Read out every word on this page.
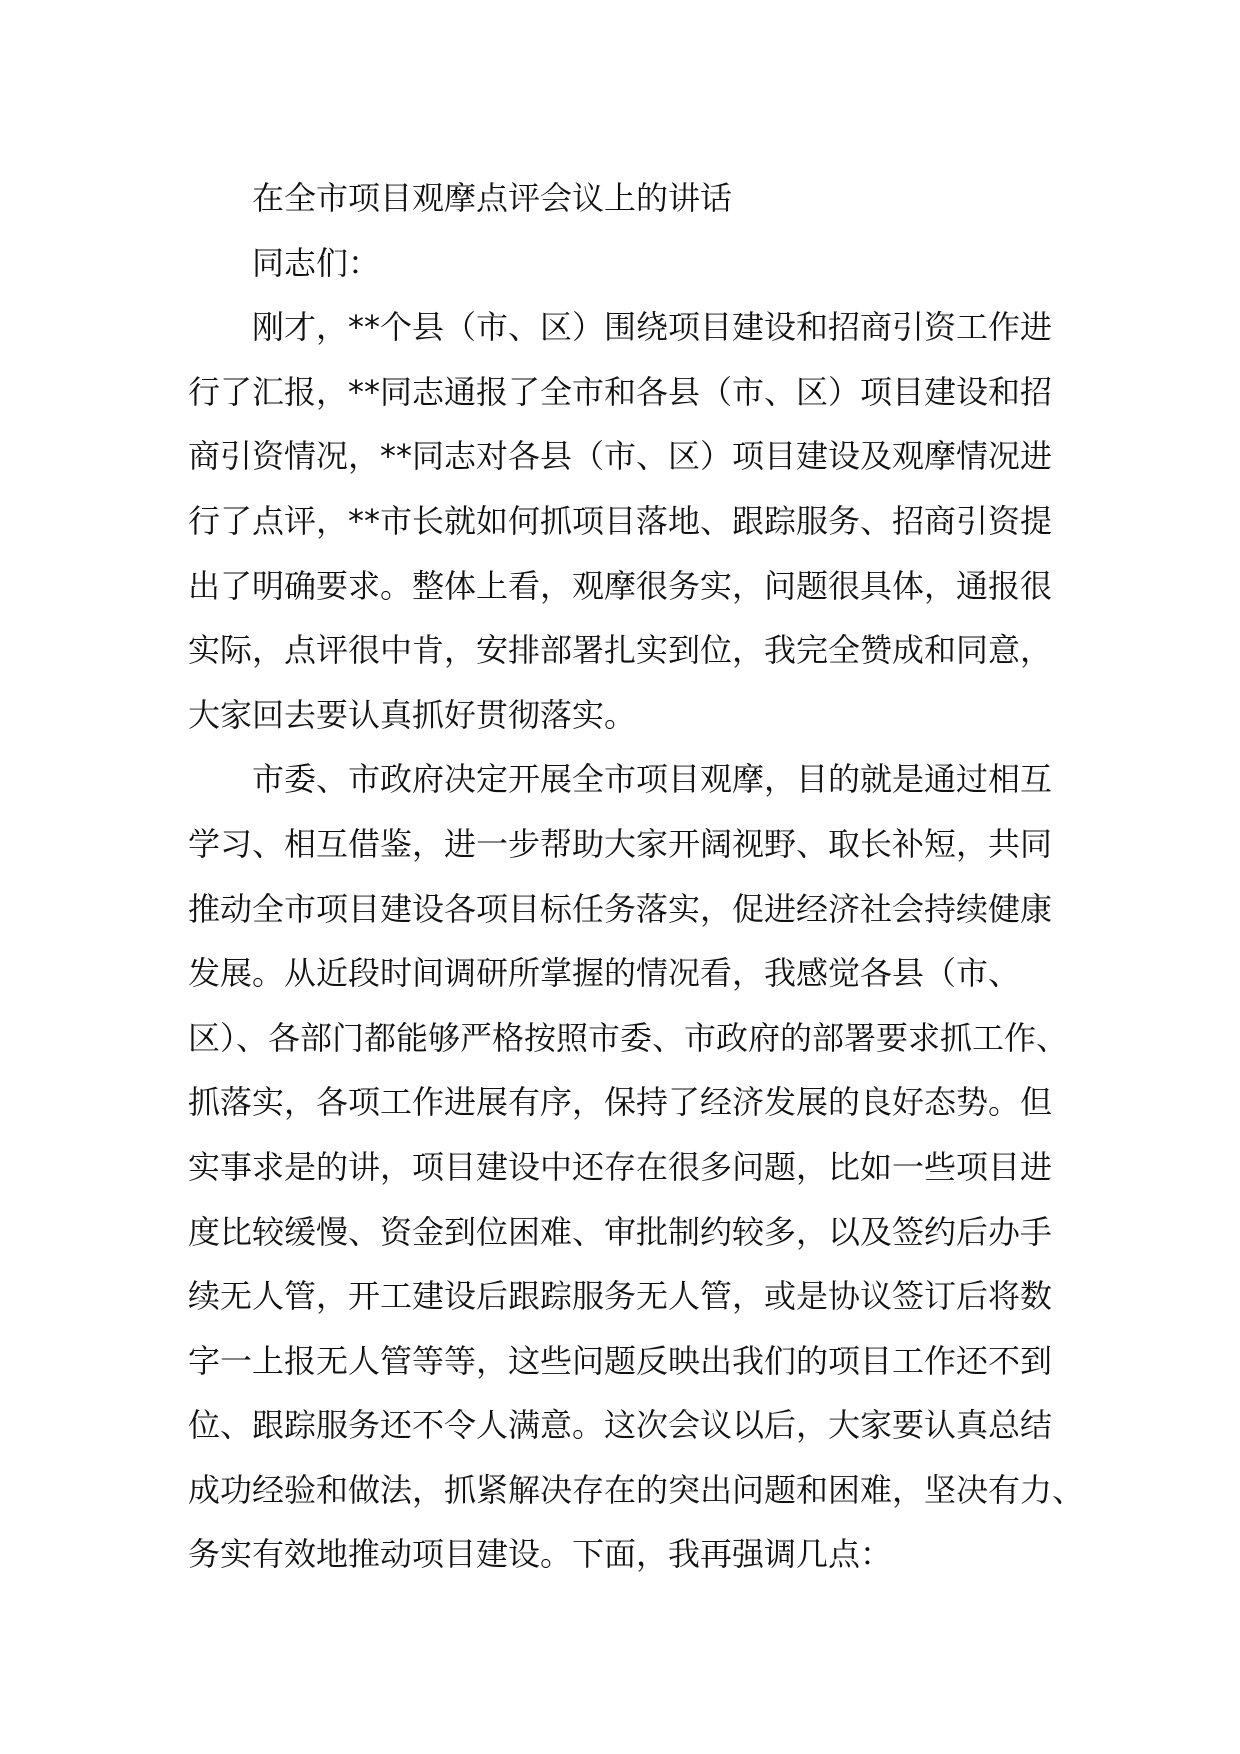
在全市项目观摩点评会议上的讲话
同志们：
刚才，**个县（市、区）围绕项目建设和招商引资工作进
行了汇报，**同志通报了全市和各县（市、区）项目建设和招
商引资情况，**同志对各县（市、区）项目建设及观摩情况进
行了点评，**市长就如何抓项目落地、跟踪服务、招商引资提
出了明确要求。整体上看，观摩很务实，问题很具体，通报很
实际，点评很中肯，安排部署扎实到位，我完全赞成和同意，
大家回去要认真抓好贯彻落实。
市委、市政府决定开展全市项目观摩，目的就是通过相互
学习、相互借鉴，进一步帮助大家开阔视野、取长补短，共同
推动全市项目建设各项目标任务落实，促进经济社会持续健康
发展。从近段时间调研所掌握的情况看，我感觉各县（市、
区）、各部门都能够严格按照市委、市政府的部署要求抓工作、
抓落实，各项工作进展有序，保持了经济发展的良好态势。但
实事求是的讲，项目建设中还存在很多问题，比如一些项目进
度比较缓慢、资金到位困难、审批制约较多，以及签约后办手
续无人管，开工建设后跟踪服务无人管，或是协议签订后将数
字一上报无人管等等，这些问题反映出我们的项目工作还不到
位、跟踪服务还不令人满意。这次会议以后，大家要认真总结
成功经验和做法，抓紧解决存在的突出问题和困难，坚决有力、
务实有效地推动项目建设。下面，我再强调几点：
